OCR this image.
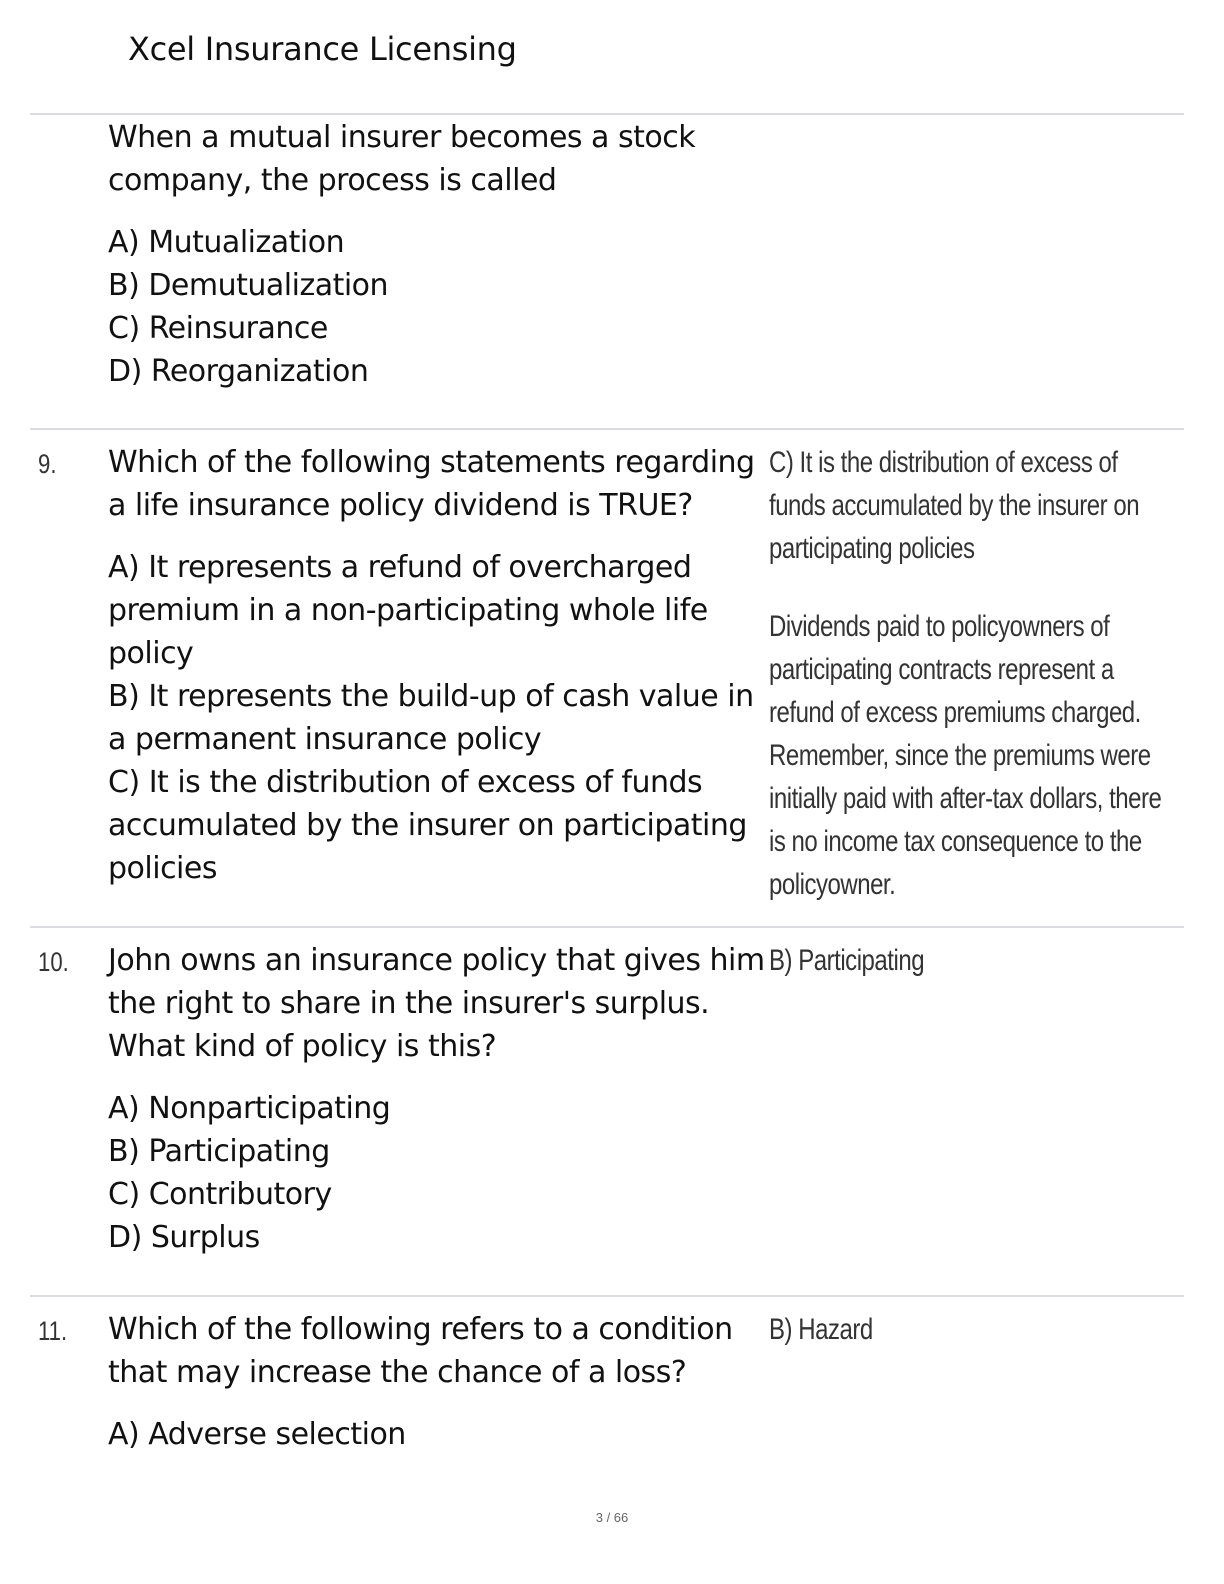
Xcel Insurance Licensing

When a mutual insurer becomes a stock company, the process is called

A) Mutualization
B) Demutualization
C) Reinsurance
D) Reorganization
9. Which of the following statements regarding a life insurance policy dividend is TRUE?

A) It represents a refund of overcharged premium in a non-participating whole life policy
B) It represents the build-up of cash value in a permanent insurance policy
C) It is the distribution of excess of funds accumulated by the insurer on participating policies

C) It is the distribution of excess of funds accumulated by the insurer on participating policies

Dividends paid to policyowners of participating contracts represent a refund of excess premiums charged. Remember, since the premiums were initially paid with after-tax dollars, there is no income tax consequence to the policyowner.

10. John owns an insurance policy that gives him the right to share in the insurer's surplus. What kind of policy is this?

A) Nonparticipating
B) Participating
C) Contributory
D) Surplus

B) Participating

11. Which of the following refers to a condition that may increase the chance of a loss?

A) Adverse selection

B) Hazard

3 / 66
